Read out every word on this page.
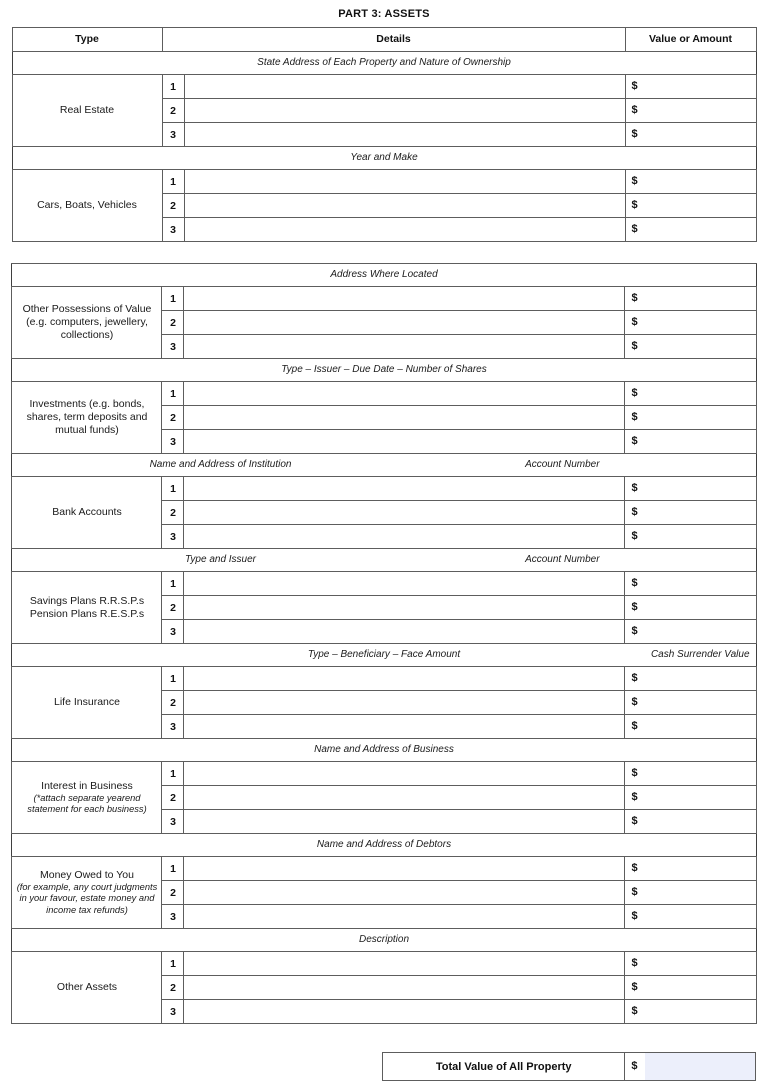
PART 3: ASSETS
Type	Details		Value or Amount

State Address of Each Property and Nature of Ownership			

Real Estate	1		$

	2		$

	3		$

Year and Make			

Cars, Boats, Vehicles	1		$

	2		$

	3		$
Address Where Located			

Other Possessions of Value (e.g. computers, jewellery, collections)	1		$

	2		$

	3		$

Type – Issuer – Due Date – Number of Shares			

Investments (e.g. bonds, shares, term deposits and mutual funds)	1		$

	2		$

	3		$

Name and Address of Institution Account Number			

Bank Accounts	1		$

	2		$

	3		$

Type and Issuer Account Number			

Savings Plans R.R.S.P.s Pension Plans R.E.S.P.s	1		$

	2		$

	3		$

Type – Beneficiary – Face Amount Cash Surrender Value			

Life Insurance	1		$

	2		$

	3		$

Name and Address of Business			

Interest in Business
(*attach separate yearend statement for each business)	1		$

	2		$

	3		$

Name and Address of Debtors			

Money Owed to You
(for example, any court judgments in your favour, estate money and income tax refunds)	1		$

	2		$

	3		$

Description			

Other Assets	1		$

	2		$

	3		$
Total Value of All Property	$
